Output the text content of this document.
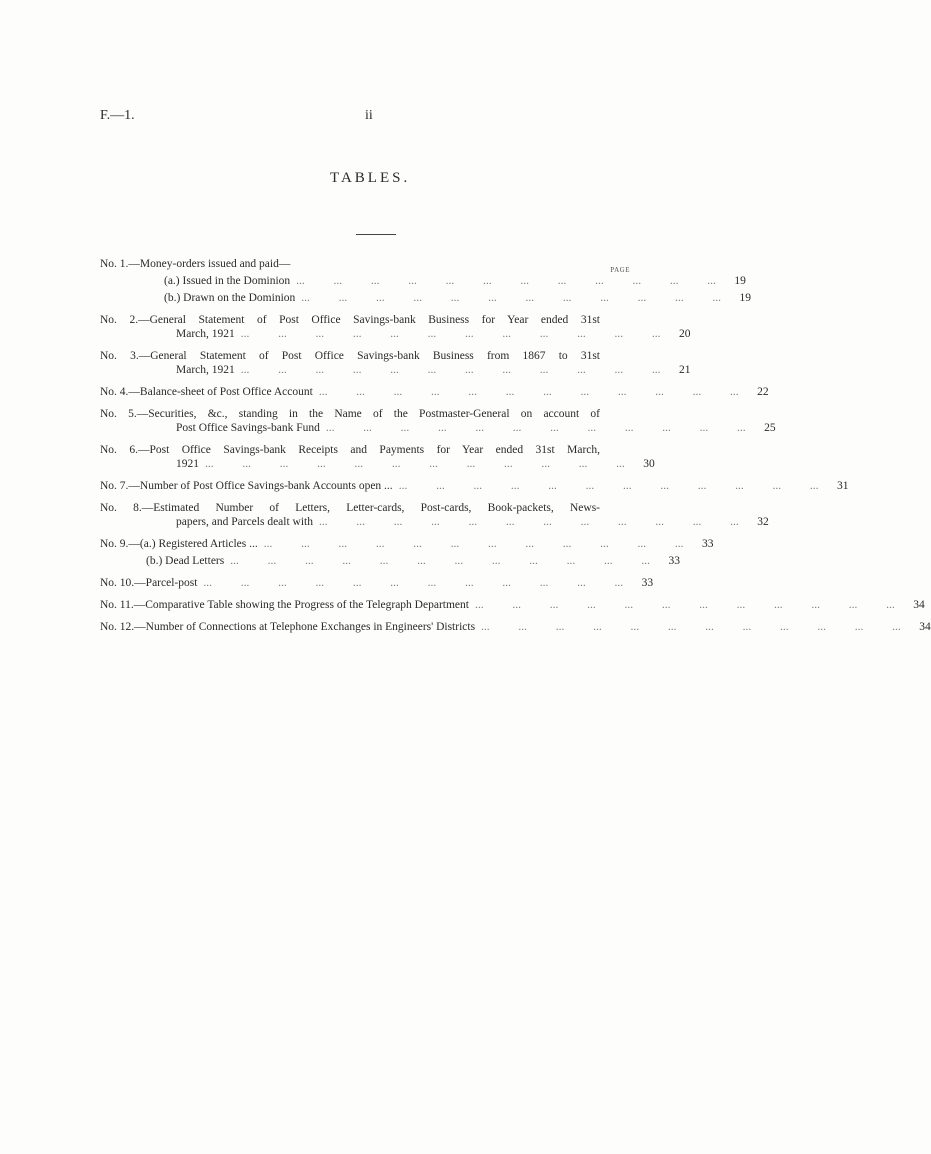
F.—1.	ii
TABLES.
PAGE
No. 1.—Money-orders issued and paid—
(a.) Issued in the Dominion ...	19
(b.) Drawn on the Dominion ...	19
No. 2.—General Statement of Post Office Savings-bank Business for Year ended 31st
March, 1921 ...	20
No. 3.—General Statement of Post Office Savings-bank Business from 1867 to 31st
March, 1921 ...	21
No. 4.—Balance-sheet of Post Office Account ...	22
No. 5.—Securities, &c., standing in the Name of the Postmaster-General on account of
Post Office Savings-bank Fund ...	25
No. 6.—Post Office Savings-bank Receipts and Payments for Year ended 31st March,
1921 ...	30
No. 7.—Number of Post Office Savings-bank Accounts open ... ...	31
No. 8.—Estimated Number of Letters, Letter-cards, Post-cards, Book-packets, News-
papers, and Parcels dealt with ...	32
No. 9.—(a.) Registered Articles ... ...	33
(b.) Dead Letters ...	33
No. 10.—Parcel-post ...	33
No. 11.—Comparative Table showing the Progress of the Telegraph Department ...	34
No. 12.—Number of Connections at Telephone Exchanges in Engineers' Districts ...	34
